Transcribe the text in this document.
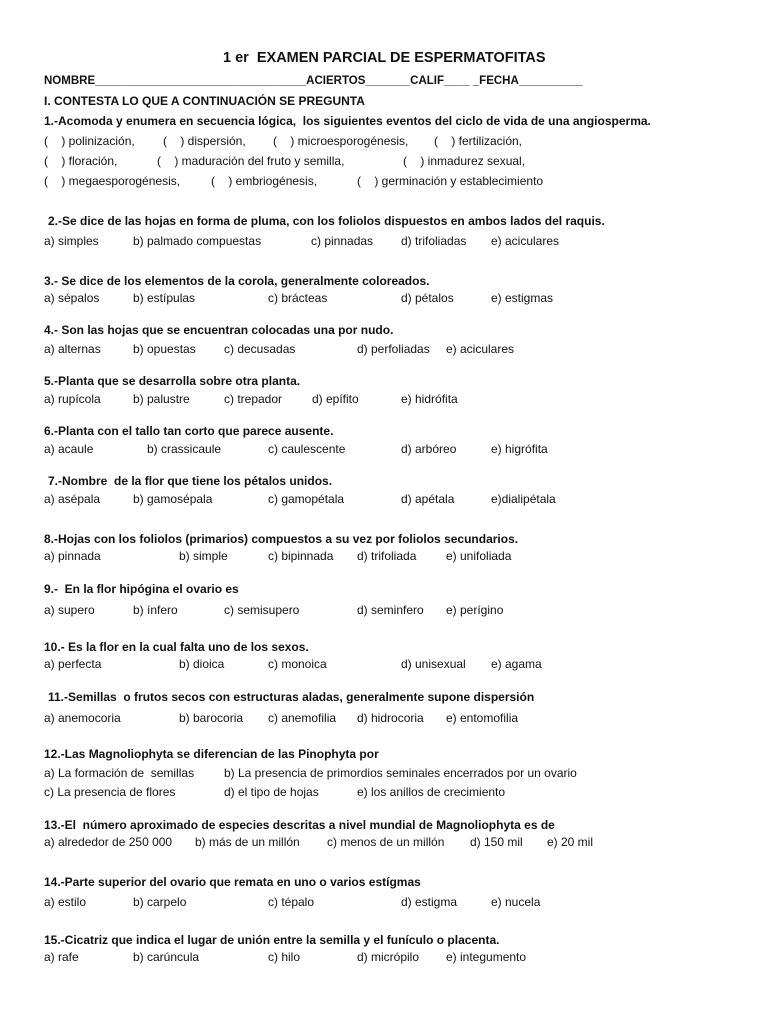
1 er  EXAMEN PARCIAL DE ESPERMATOFITAS
NOMBRE_________________________________ACIERTOS_______CALIF____ _FECHA__________
I. CONTESTA LO QUE A CONTINUACIÓN SE PREGUNTA
1.-Acomoda y enumera en secuencia lógica,  los siguientes eventos del ciclo de vida de una angiosperma.
(    ) polinización, (    ) dispersión, (    ) microesporogénesis, (    ) fertilización,
(    ) floración,	(    ) maduración del fruto y semilla,	(    ) inmadurez sexual,
(    ) megaesporogénesis,	(    ) embriogénesis,	(    ) germinación y establecimiento
2.-Se dice de las hojas en forma de pluma, con los foliolos dispuestos en ambos lados del raquis.
a) simples	b) palmado compuestas	c) pinnadas d) trifoliadas e) aciculares
3.- Se dice de los elementos de la corola, generalmente coloreados.
a) sépalos	b) estípulas	c) brácteas	d) pétalos	e) estigmas
4.- Son las hojas que se encuentran colocadas una por nudo.
a) alternas	b) opuestas c) decusadas	d) perfoliadas e) aciculares
5.-Planta que se desarrolla sobre otra planta.
a) rupícola	b) palustre	c) trepador d) epífito	e) hidrófita
6.-Planta con el tallo tan corto que parece ausente.
a) acaule	b) crassicaule	c) caulescente	d) arbóreo	e) higrófita
7.-Nombre  de la flor que tiene los pétalos unidos.
a) asépala	b) gamosépala	c) gamopétala	d) apétala	e)dialipétala
8.-Hojas con los foliolos (primarios) compuestos a su vez por foliolos secundarios.
a) pinnada	b) simple	c) bipinnada d) trifoliada e) unifoliada
9.-  En la flor hipógina el ovario es
a) supero	b) ínfero	c) semisupero	d) seminfero e) perígino
10.- Es la flor en la cual falta uno de los sexos.
a) perfecta	b) dioica	c) monoica	d) unisexual e) agama
11.-Semillas  o frutos secos con estructuras aladas, generalmente supone dispersión
a) anemocoria	b) barocoria c) anemofilia d) hidrocoria e) entomofilia
12.-Las Magnoliophyta se diferencian de las Pinophyta por
a) La formación de  semillas b) La presencia de primordios seminales encerrados por un ovario
c) La presencia de flores	d) el tipo de hojas	e) los anillos de crecimiento
13.-El  número aproximado de especies descritas a nivel mundial de Magnoliophyta es de
a) alrededor de 250 000 b) más de un millón c) menos de un millón d) 150 mil e) 20 mil
14.-Parte superior del ovario que remata en uno o varios estígmas
a) estilo	b) carpelo	c) tépalo	d) estigma	e) nucela
15.-Cicatriz que indica el lugar de unión entre la semilla y el funículo o placenta.
a) rafe	b) carúncula	c) hilo	d) micrópilo e) integumento
